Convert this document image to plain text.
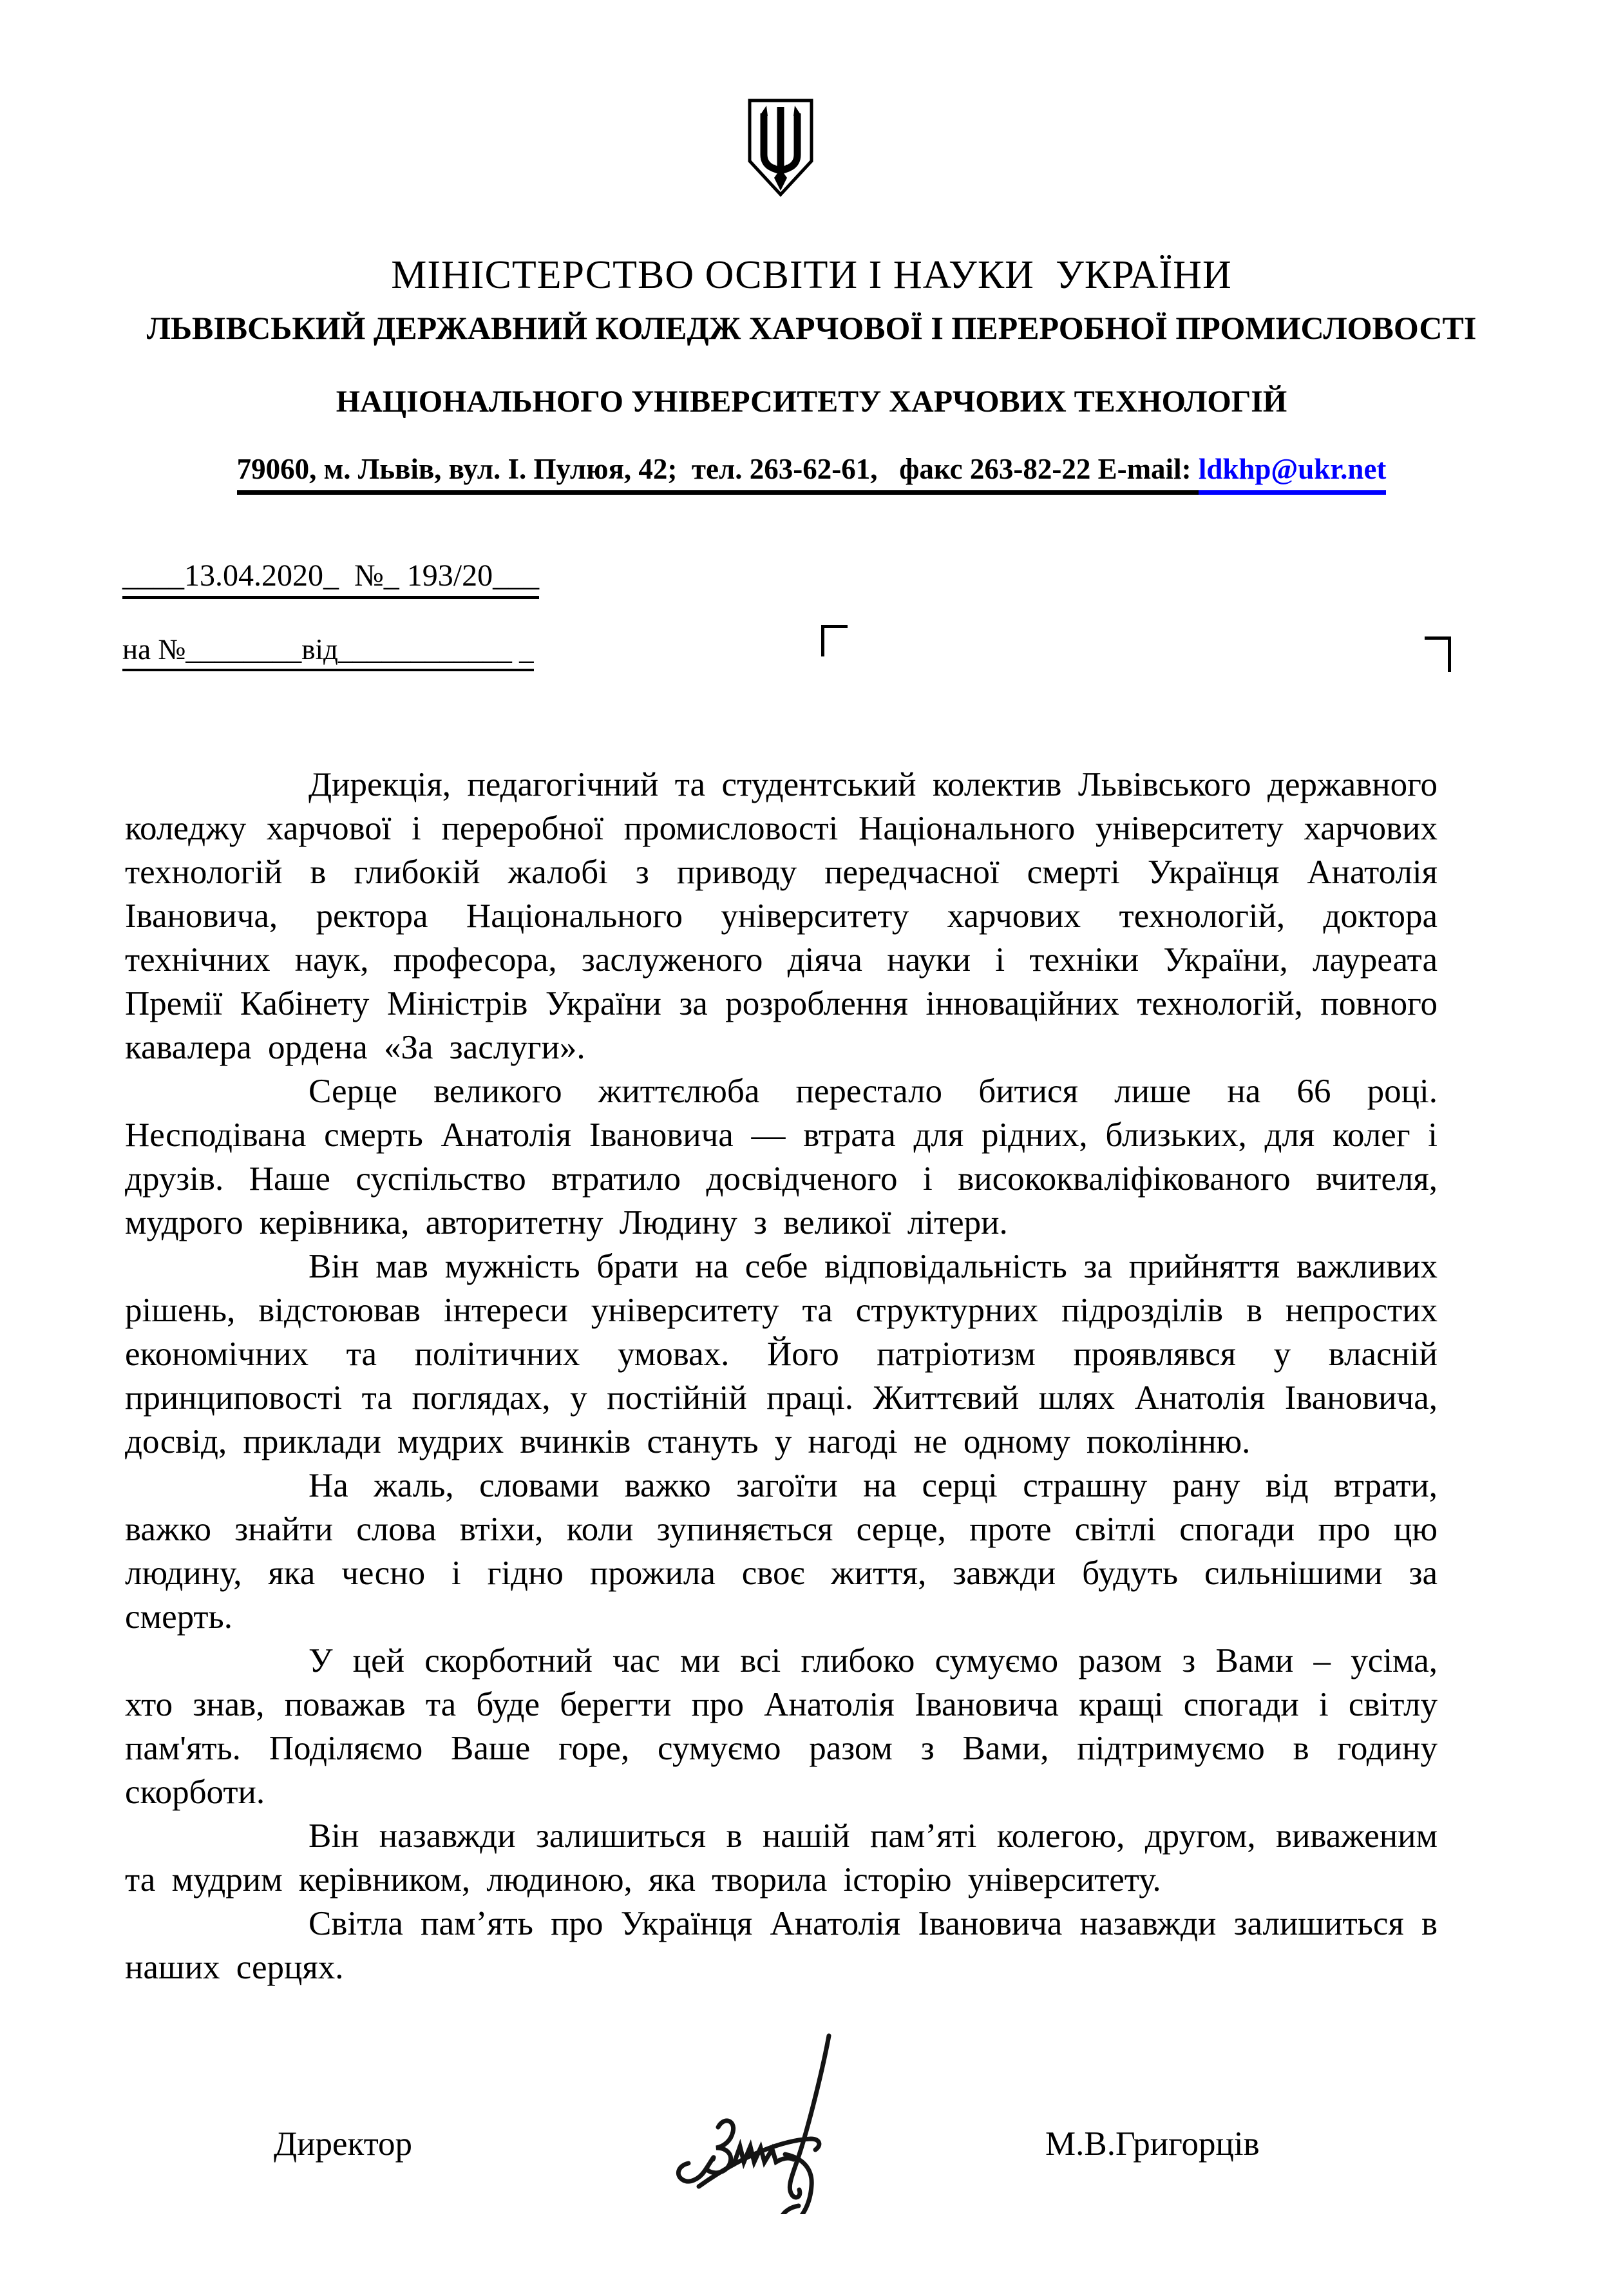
МІНІСТЕРСТВО ОСВІТИ І НАУКИ  УКРАЇНИ
ЛЬВІВСЬКИЙ ДЕРЖАВНИЙ КОЛЕДЖ ХАРЧОВОЇ І ПЕРЕРОБНОЇ ПРОМИСЛОВОСТІ
НАЦІОНАЛЬНОГО УНІВЕРСИТЕТУ ХАРЧОВИХ ТЕХНОЛОГІЙ
79060, м. Львів, вул. І. Пулюя, 42;  тел. 263-62-61,   факс 263-82-22 E-mail: ldkhp@ukr.net
____13.04.2020_  №_ 193/20___
на №________від____________ _

Дирекція, педагогічний та студентський колектив Львівського державного коледжу харчової і переробної промисловості Національного університету харчових технологій в глибокій жалобі з приводу передчасної смерті Українця Анатолія Івановича, ректора Національного університету харчових технологій, доктора технічних наук, професора, заслуженого діяча науки і техніки України, лауреата Премії Кабінету Міністрів України за розроблення інноваційних технологій, повного кавалера ордена «За заслуги».

Серце великого життєлюба перестало битися лише на 66 році. Несподівана смерть Анатолія Івановича — втрата для рідних, близьких, для колег і друзів. Наше суспільство втратило досвідченого і висококваліфікованого вчителя, мудрого керівника, авторитетну Людину з великої літери.

Він мав мужність брати на себе відповідальність за прийняття важливих рішень, відстоював інтереси університету та структурних підрозділів в непростих економічних та політичних умовах. Його патріотизм проявлявся у власній принциповості та поглядах, у постійній праці. Життєвий шлях Анатолія Івановича, досвід, приклади мудрих вчинків стануть у нагоді не одному поколінню.

На жаль, словами важко загоїти на серці страшну рану від втрати, важко знайти слова втіхи, коли зупиняється серце, проте світлі спогади про цю людину, яка чесно і гідно прожила своє життя, завжди будуть сильнішими за смерть.

У цей скорботний час ми всі глибоко сумуємо разом з Вами – усіма, хто знав, поважав та буде берегти про Анатолія Івановича кращі спогади і світлу пам'ять. Поділяємо Ваше горе, сумуємо разом з Вами, підтримуємо в годину скорботи.

Він назавжди залишиться в нашій пам’яті колегою, другом, виваженим та мудрим керівником, людиною, яка творила історію університету.

Світла пам’ять про Українця Анатолія Івановича назавжди залишиться в наших серцях.

Директор	М.В.Григорців
